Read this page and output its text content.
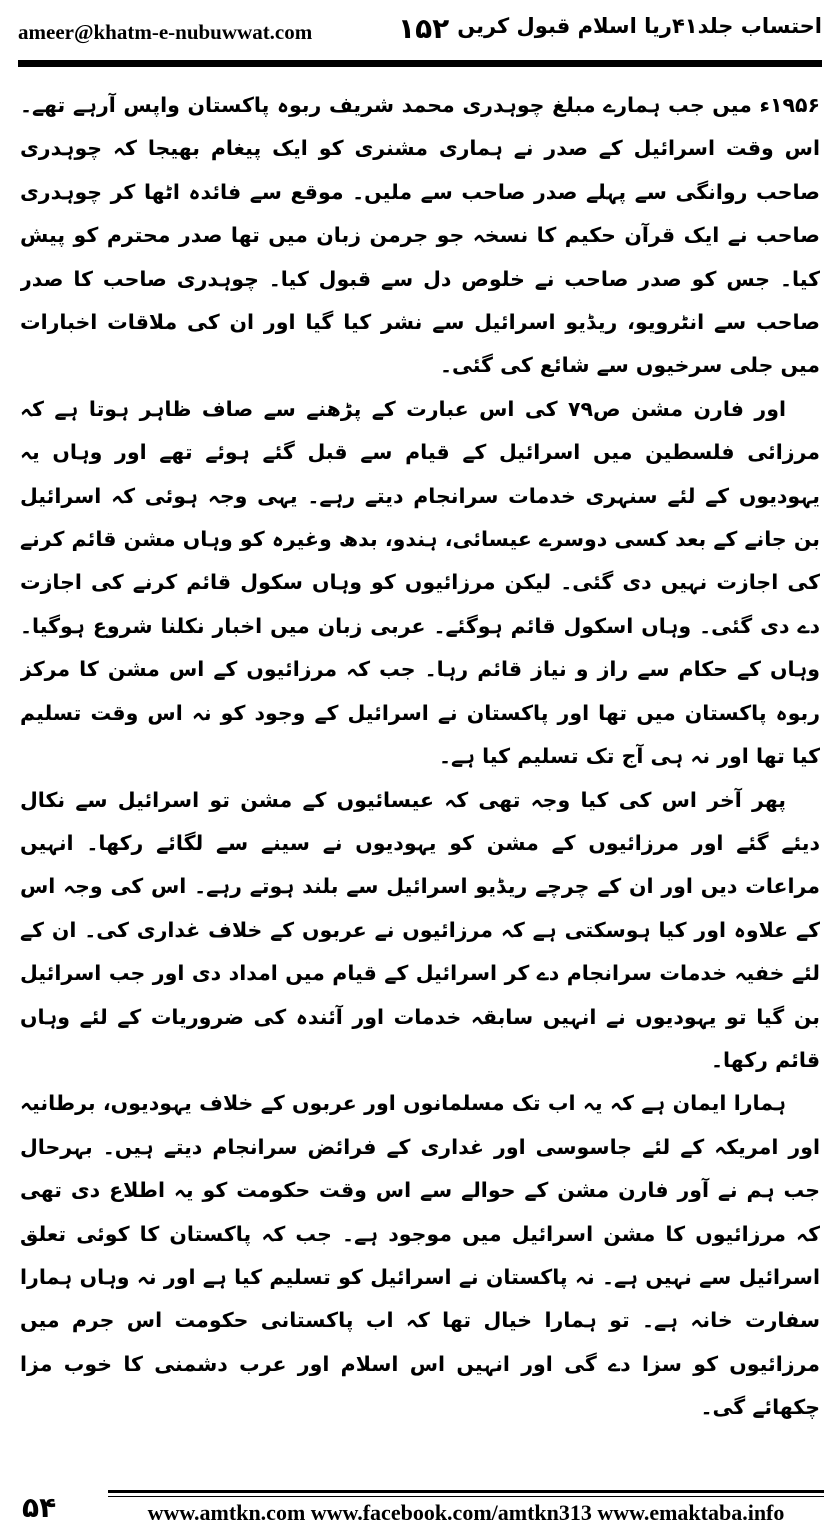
ameer@khatm-e-nubuwwat.com	۱۵۲ احتساب جلد۴۱ریا اسلام قبول کریں

۱۹۵۶ء میں جب ہمارے مبلغ چوہدری محمد شریف ربوہ پاکستان واپس آرہے تھے۔ اس وقت اسرائیل کے صدر نے ہماری مشنری کو ایک پیغام بھیجا کہ چوہدری صاحب روانگی سے پہلے صدر صاحب سے ملیں۔ موقع سے فائدہ اٹھا کر چوہدری صاحب نے ایک قرآن حکیم کا نسخہ جو جرمن زبان میں تھا صدر محترم کو پیش کیا۔ جس کو صدر صاحب نے خلوص دل سے قبول کیا۔ چوہدری صاحب کا صدر صاحب سے انٹرویو، ریڈیو اسرائیل سے نشر کیا گیا اور ان کی ملاقات اخبارات میں جلی سرخیوں سے شائع کی گئی۔

اور فارن مشن ص۷۹ کی اس عبارت کے پڑھنے سے صاف ظاہر ہوتا ہے کہ مرزائی فلسطین میں اسرائیل کے قیام سے قبل گئے ہوئے تھے اور وہاں یہ یہودیوں کے لئے سنہری خدمات سرانجام دیتے رہے۔ یہی وجہ ہوئی کہ اسرائیل بن جانے کے بعد کسی دوسرے عیسائی، ہندو، بدھ وغیرہ کو وہاں مشن قائم کرنے کی اجازت نہیں دی گئی۔ لیکن مرزائیوں کو وہاں سکول قائم کرنے کی اجازت دے دی گئی۔ وہاں اسکول قائم ہوگئے۔ عربی زبان میں اخبار نکلنا شروع ہوگیا۔ وہاں کے حکام سے راز و نیاز قائم رہا۔ جب کہ مرزائیوں کے اس مشن کا مرکز ربوہ پاکستان میں تھا اور پاکستان نے اسرائیل کے وجود کو نہ اس وقت تسلیم کیا تھا اور نہ ہی آج تک تسلیم کیا ہے۔

پھر آخر اس کی کیا وجہ تھی کہ عیسائیوں کے مشن تو اسرائیل سے نکال دیئے گئے اور مرزائیوں کے مشن کو یہودیوں نے سینے سے لگائے رکھا۔ انہیں مراعات دیں اور ان کے چرچے ریڈیو اسرائیل سے بلند ہوتے رہے۔ اس کی وجہ اس کے علاوہ اور کیا ہوسکتی ہے کہ مرزائیوں نے عربوں کے خلاف غداری کی۔ ان کے لئے خفیہ خدمات سرانجام دے کر اسرائیل کے قیام میں امداد دی اور جب اسرائیل بن گیا تو یہودیوں نے انہیں سابقہ خدمات اور آئندہ کی ضروریات کے لئے وہاں قائم رکھا۔

ہمارا ایمان ہے کہ یہ اب تک مسلمانوں اور عربوں کے خلاف یہودیوں، برطانیہ اور امریکہ کے لئے جاسوسی اور غداری کے فرائض سرانجام دیتے ہیں۔ بہرحال جب ہم نے آور فارن مشن کے حوالے سے اس وقت حکومت کو یہ اطلاع دی تھی کہ مرزائیوں کا مشن اسرائیل میں موجود ہے۔ جب کہ پاکستان کا کوئی تعلق اسرائیل سے نہیں ہے۔ نہ پاکستان نے اسرائیل کو تسلیم کیا ہے اور نہ وہاں ہمارا سفارت خانہ ہے۔ تو ہمارا خیال تھا کہ اب پاکستانی حکومت اس جرم میں مرزائیوں کو سزا دے گی اور انہیں اس اسلام اور عرب دشمنی کا خوب مزا چکھائے گی۔

۵۴	www.amtkn.com www.facebook.com/amtkn313 www.emaktaba.info
